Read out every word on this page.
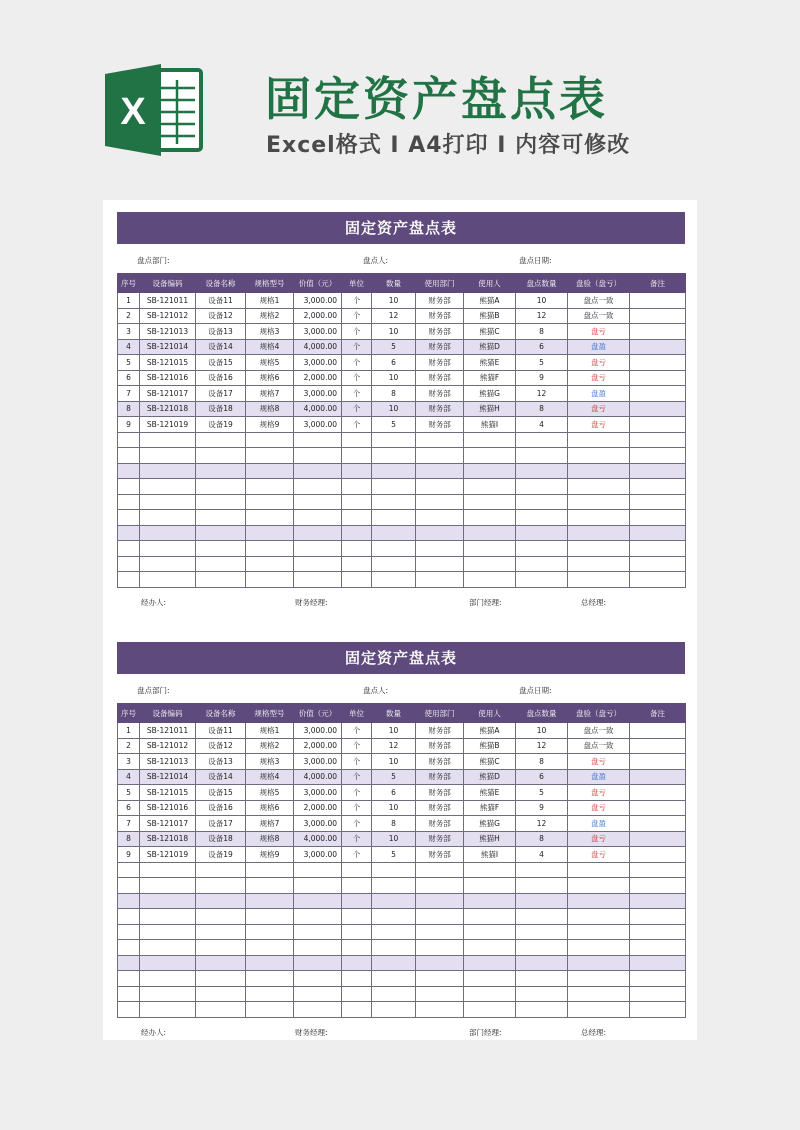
X	固定资产盘点表
Excel格式 I A4打印 I 内容可修改
固定资产盘点表
盘点部门:	盘点人:	盘点日期:
序号	设备编码	设备名称	规格型号	价值（元）	单位	数量	使用部门	使用人	盘点数量	盘验（盘亏）	备注
1	SB-121011	设备11	规格1	3,000.00	个	10	财务部	熊猫A	10	盘点一致	
2	SB-121012	设备12	规格2	2,000.00	个	12	财务部	熊猫B	12	盘点一致	
3	SB-121013	设备13	规格3	3,000.00	个	10	财务部	熊猫C	8	盘亏	
4	SB-121014	设备14	规格4	4,000.00	个	5	财务部	熊猫D	6	盘盈	
5	SB-121015	设备15	规格5	3,000.00	个	6	财务部	熊猫E	5	盘亏	
6	SB-121016	设备16	规格6	2,000.00	个	10	财务部	熊猫F	9	盘亏	
7	SB-121017	设备17	规格7	3,000.00	个	8	财务部	熊猫G	12	盘盈	
8	SB-121018	设备18	规格8	4,000.00	个	10	财务部	熊猫H	8	盘亏	
9	SB-121019	设备19	规格9	3,000.00	个	5	财务部	熊猫I	4	盘亏	

经办人:	财务经理:	部门经理:	总经理:
固定资产盘点表
盘点部门:	盘点人:	盘点日期:
序号	设备编码	设备名称	规格型号	价值（元）	单位	数量	使用部门	使用人	盘点数量	盘验（盘亏）	备注
1	SB-121011	设备11	规格1	3,000.00	个	10	财务部	熊猫A	10	盘点一致	
2	SB-121012	设备12	规格2	2,000.00	个	12	财务部	熊猫B	12	盘点一致	
3	SB-121013	设备13	规格3	3,000.00	个	10	财务部	熊猫C	8	盘亏	
4	SB-121014	设备14	规格4	4,000.00	个	5	财务部	熊猫D	6	盘盈	
5	SB-121015	设备15	规格5	3,000.00	个	6	财务部	熊猫E	5	盘亏	
6	SB-121016	设备16	规格6	2,000.00	个	10	财务部	熊猫F	9	盘亏	
7	SB-121017	设备17	规格7	3,000.00	个	8	财务部	熊猫G	12	盘盈	
8	SB-121018	设备18	规格8	4,000.00	个	10	财务部	熊猫H	8	盘亏	
9	SB-121019	设备19	规格9	3,000.00	个	5	财务部	熊猫I	4	盘亏	

经办人:	财务经理:	部门经理:	总经理:
